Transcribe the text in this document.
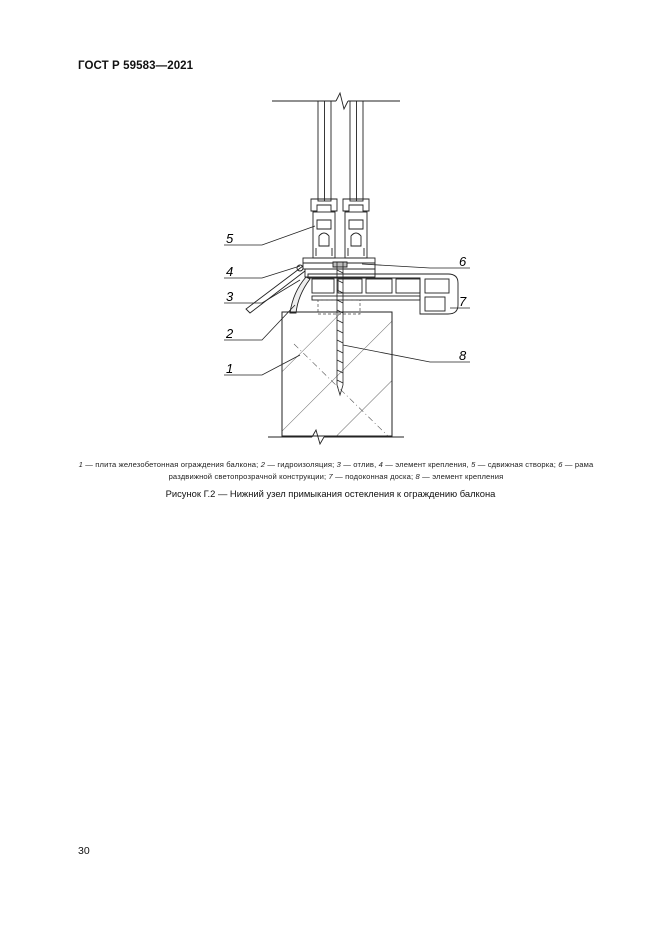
ГОСТ Р 59583—2021
5
4
3
2
1
6
7
8
1 — плита железобетонная ограждения балкона; 2 — гидроизоляция; 3 — отлив, 4 — элемент крепления, 5 — сдвижная створка; 6 — рама раздвижной светопрозрачной конструкции; 7 — подоконная доска; 8 — элемент крепления
Рисунок Г.2 — Нижний узел примыкания остекления к ограждению балкона
30
